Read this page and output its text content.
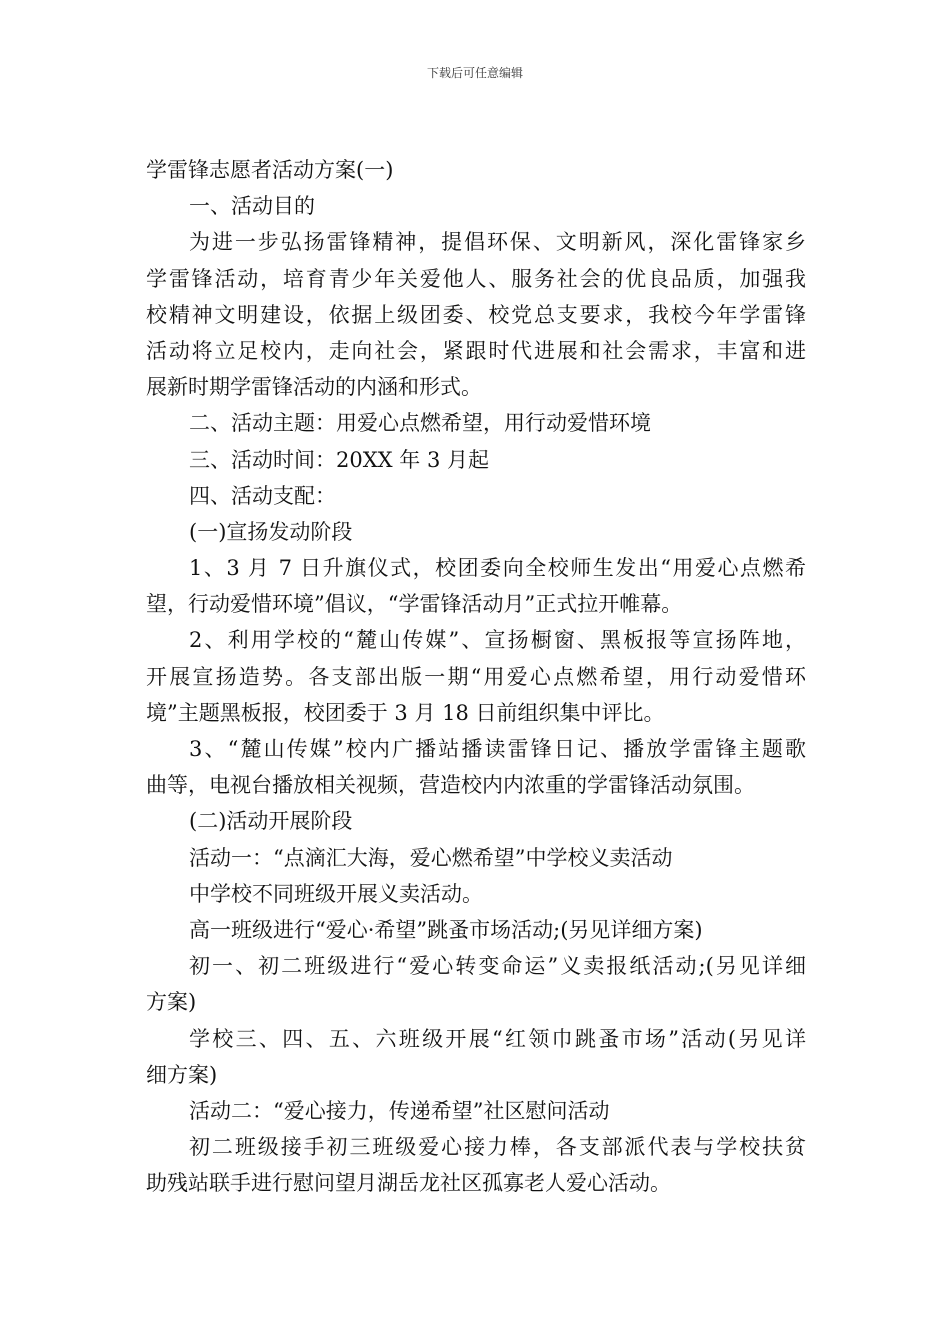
下载后可任意编辑
学雷锋志愿者活动方案(一)
一、活动目的
为进一步弘扬雷锋精神，提倡环保、文明新风，深化雷锋家乡
学雷锋活动，培育青少年关爱他人、服务社会的优良品质，加强我
校精神文明建设，依据上级团委、校党总支要求，我校今年学雷锋
活动将立足校内，走向社会，紧跟时代进展和社会需求，丰富和进
展新时期学雷锋活动的内涵和形式。
二、活动主题：用爱心点燃希望，用行动爱惜环境
三、活动时间：20XX 年 3 月起
四、活动支配：
(一)宣扬发动阶段
1、3 月 7 日升旗仪式，校团委向全校师生发出“用爱心点燃希
望，行动爱惜环境”倡议，“学雷锋活动月”正式拉开帷幕。
2、利用学校的“麓山传媒”、宣扬橱窗、黑板报等宣扬阵地，
开展宣扬造势。各支部出版一期“用爱心点燃希望，用行动爱惜环
境”主题黑板报，校团委于 3 月 18 日前组织集中评比。
3、“麓山传媒”校内广播站播读雷锋日记、播放学雷锋主题歌
曲等，电视台播放相关视频，营造校内内浓重的学雷锋活动氛围。
(二)活动开展阶段
活动一：“点滴汇大海，爱心燃希望”中学校义卖活动
中学校不同班级开展义卖活动。
高一班级进行“爱心·希望”跳蚤市场活动;(另见详细方案)
初一、初二班级进行“爱心转变命运”义卖报纸活动;(另见详细
方案)
学校三、四、五、六班级开展“红领巾跳蚤市场”活动(另见详
细方案)
活动二：“爱心接力，传递希望”社区慰问活动
初二班级接手初三班级爱心接力棒，各支部派代表与学校扶贫
助残站联手进行慰问望月湖岳龙社区孤寡老人爱心活动。
